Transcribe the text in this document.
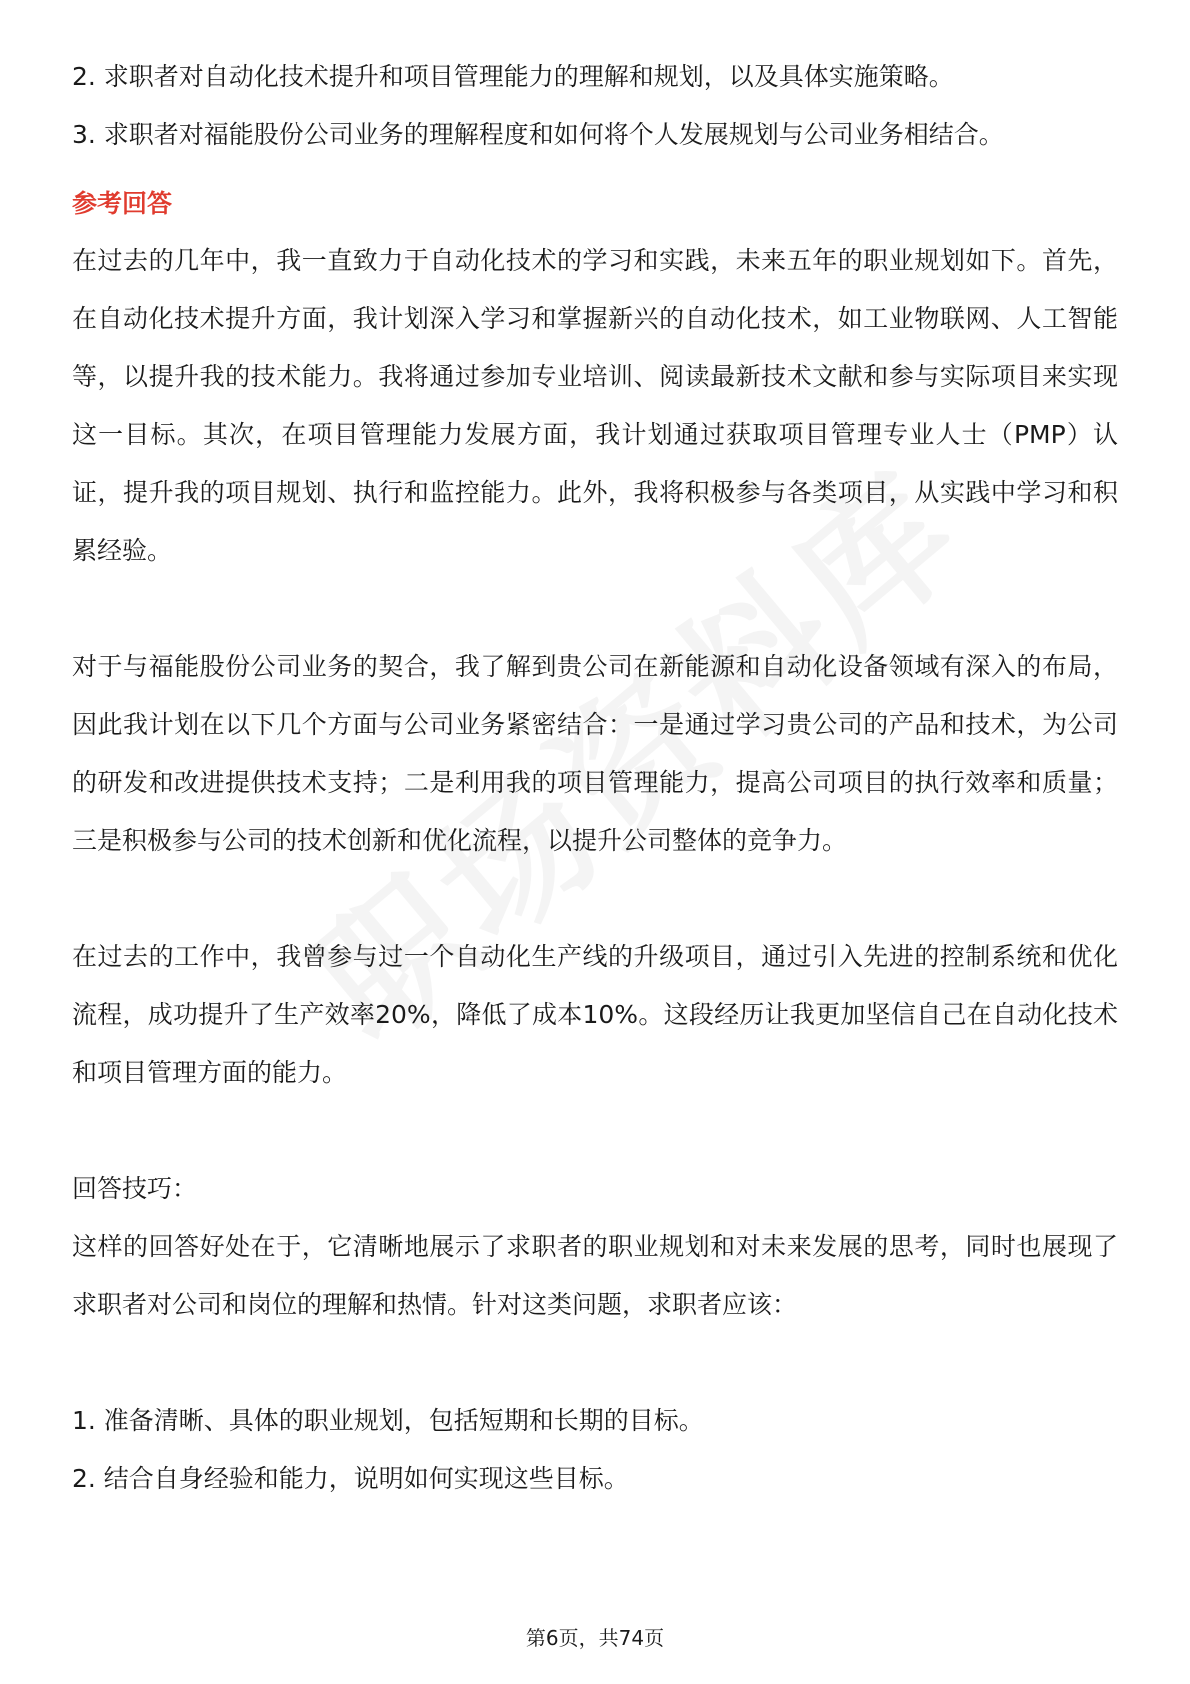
2. 求职者对自动化技术提升和项目管理能力的理解和规划，以及具体实施策略。

3. 求职者对福能股份公司业务的理解程度和如何将个人发展规划与公司业务相结合。

参考回答

在过去的几年中，我一直致力于自动化技术的学习和实践，未来五年的职业规划如下。首先，在自动化技术提升方面，我计划深入学习和掌握新兴的自动化技术，如工业物联网、人工智能等，以提升我的技术能力。我将通过参加专业培训、阅读最新技术文献和参与实际项目来实现这一目标。其次，在项目管理能力发展方面，我计划通过获取项目管理专业人士（PMP）认证，提升我的项目规划、执行和监控能力。此外，我将积极参与各类项目，从实践中学习和积累经验。

对于与福能股份公司业务的契合，我了解到贵公司在新能源和自动化设备领域有深入的布局，因此我计划在以下几个方面与公司业务紧密结合：一是通过学习贵公司的产品和技术，为公司的研发和改进提供技术支持；二是利用我的项目管理能力，提高公司项目的执行效率和质量；三是积极参与公司的技术创新和优化流程，以提升公司整体的竞争力。

在过去的工作中，我曾参与过一个自动化生产线的升级项目，通过引入先进的控制系统和优化流程，成功提升了生产效率20%，降低了成本10%。这段经历让我更加坚信自己在自动化技术和项目管理方面的能力。

回答技巧：

这样的回答好处在于，它清晰地展示了求职者的职业规划和对未来发展的思考，同时也展现了求职者对公司和岗位的理解和热情。针对这类问题，求职者应该：

1. 准备清晰、具体的职业规划，包括短期和长期的目标。

2. 结合自身经验和能力，说明如何实现这些目标。

第6页，共74页
